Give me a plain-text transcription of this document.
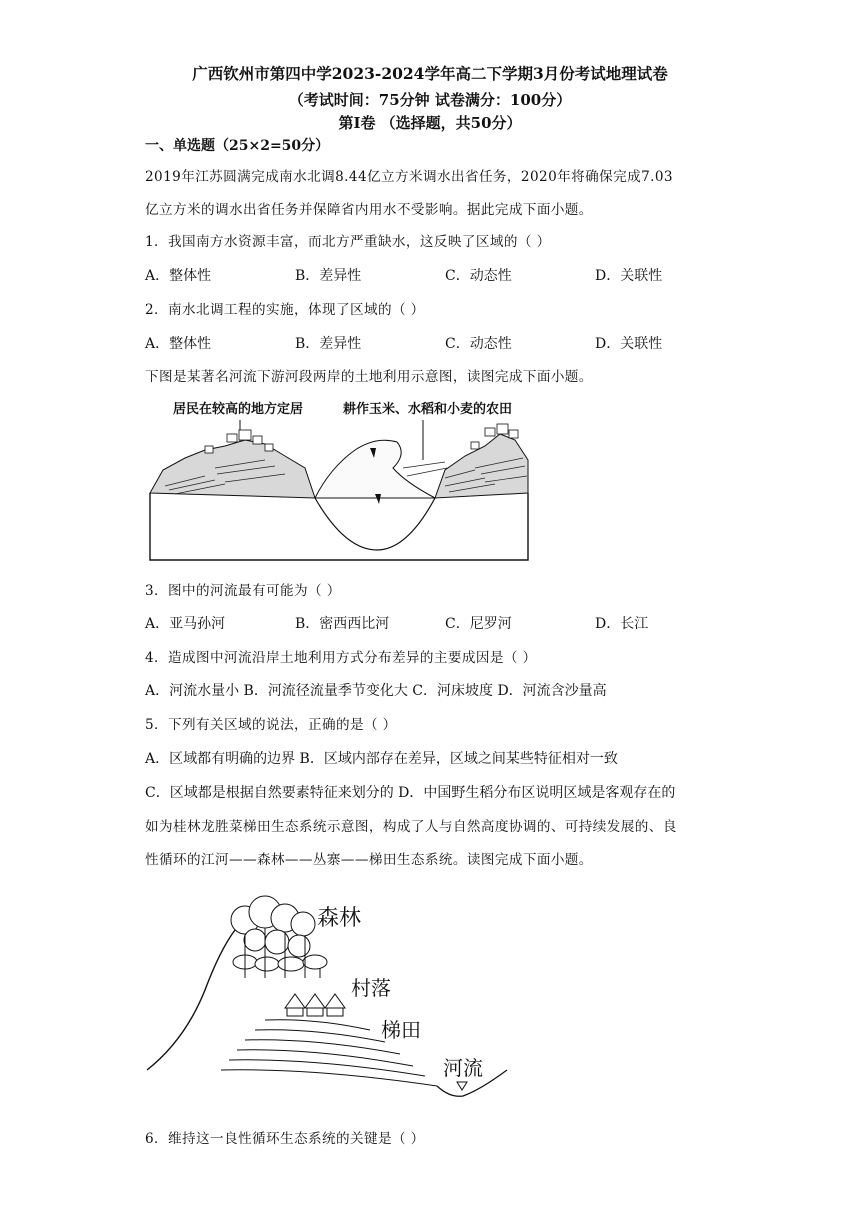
广西钦州市第四中学2023-2024学年高二下学期3月份考试地理试卷
（考试时间：75分钟 试卷满分：100分）
第I卷 （选择题，共50分）
一、单选题（25×2=50分）
2019年江苏圆满完成南水北调8.44亿立方米调水出省任务，2020年将确保完成7.03
亿立方米的调水出省任务并保障省内用水不受影响。据此完成下面小题。
1．我国南方水资源丰富，而北方严重缺水，这反映了区域的（ ）
A．整体性	B．差异性	C．动态性	D．关联性
2．南水北调工程的实施，体现了区域的（ ）
A．整体性	B．差异性	C．动态性	D．关联性
下图是某著名河流下游河段两岸的土地利用示意图，读图完成下面小题。
居民在较高的地方定居	耕作玉米、水稻和小麦的农田
3．图中的河流最有可能为（ ）
A．亚马孙河	B．密西西比河	C．尼罗河	D．长江
4．造成图中河流沿岸土地利用方式分布差异的主要成因是（ ）
A．河流水量小 B．河流径流量季节变化大 C．河床坡度 D．河流含沙量高
5．下列有关区域的说法，正确的是（ ）
A．区域都有明确的边界 B．区域内部存在差异，区域之间某些特征相对一致
C．区域都是根据自然要素特征来划分的 D．中国野生稻分布区说明区域是客观存在的
如为桂林龙胜菜梯田生态系统示意图，构成了人与自然高度协调的、可持续发展的、良
性循环的江河——森林——丛寨——梯田生态系统。读图完成下面小题。
森林
村落
梯田
河流
6．维持这一良性循环生态系统的关键是（ ）
